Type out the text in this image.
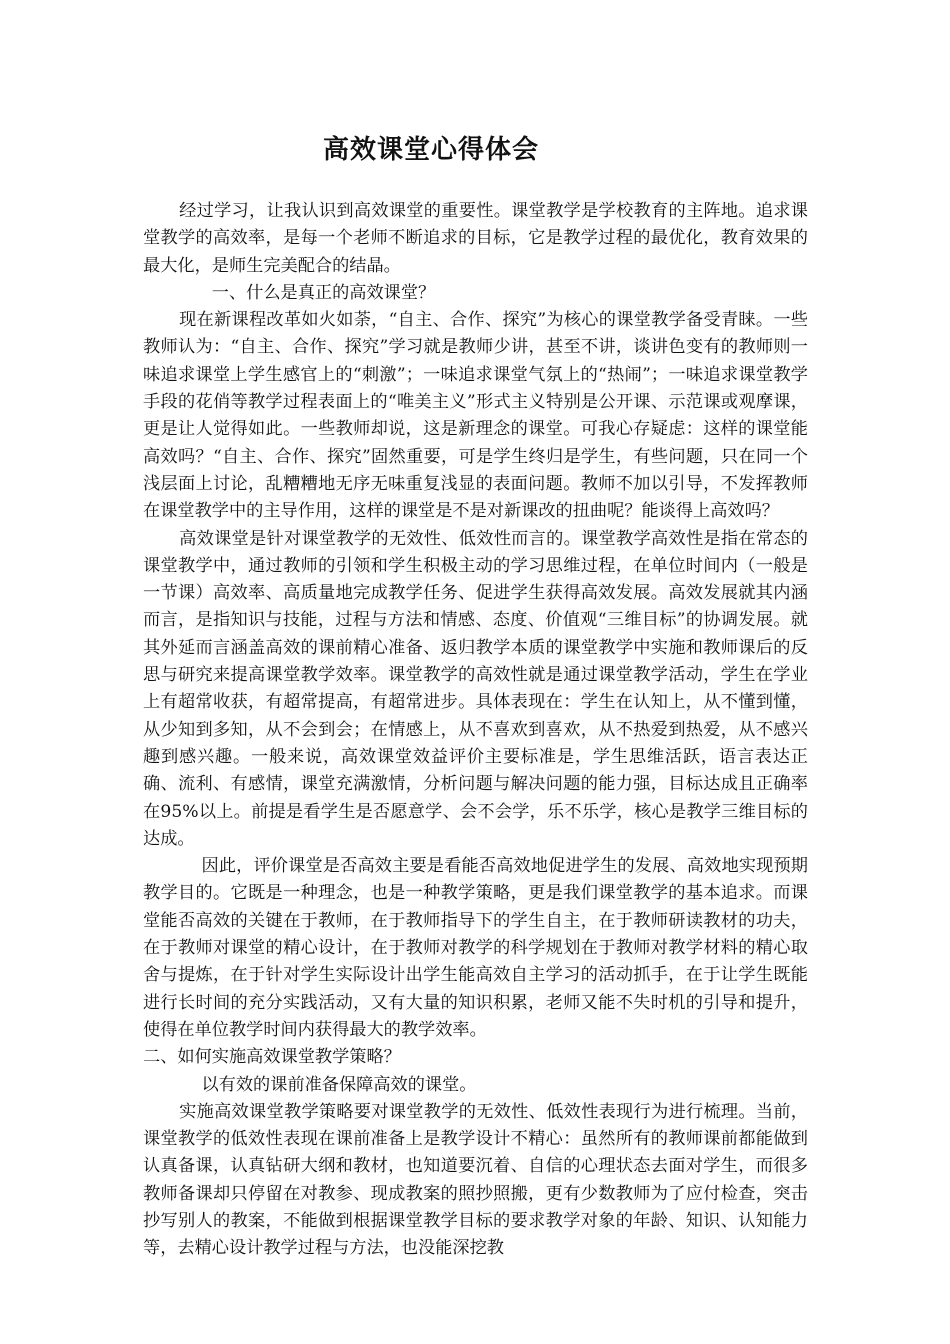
高效课堂心得体会

经过学习，让我认识到高效课堂的重要性。课堂教学是学校教育的主阵地。追求课堂教学的高效率，是每一个老师不断追求的目标，它是教学过程的最优化，教育效果的最大化，是师生完美配合的结晶。

一、什么是真正的高效课堂？

现在新课程改革如火如荼，“自主、合作、探究”为核心的课堂教学备受青睐。一些教师认为：“自主、合作、探究”学习就是教师少讲，甚至不讲，谈讲色变有的教师则一味追求课堂上学生感官上的“刺激”；一味追求课堂气氛上的“热闹”；一味追求课堂教学手段的花俏等教学过程表面上的“唯美主义”形式主义特别是公开课、示范课或观摩课，更是让人觉得如此。一些教师却说，这是新理念的课堂。可我心存疑虑：这样的课堂能高效吗？“自主、合作、探究”固然重要，可是学生终归是学生，有些问题，只在同一个浅层面上讨论，乱糟糟地无序无味重复浅显的表面问题。教师不加以引导，不发挥教师在课堂教学中的主导作用，这样的课堂是不是对新课改的扭曲呢？能谈得上高效吗？

高效课堂是针对课堂教学的无效性、低效性而言的。课堂教学高效性是指在常态的课堂教学中，通过教师的引领和学生积极主动的学习思维过程，在单位时间内（一般是一节课）高效率、高质量地完成教学任务、促进学生获得高效发展。高效发展就其内涵而言，是指知识与技能，过程与方法和情感、态度、价值观“三维目标”的协调发展。就其外延而言涵盖高效的课前精心准备、返归教学本质的课堂教学中实施和教师课后的反思与研究来提高课堂教学效率。课堂教学的高效性就是通过课堂教学活动，学生在学业上有超常收获，有超常提高，有超常进步。具体表现在：学生在认知上，从不懂到懂，从少知到多知，从不会到会；在情感上，从不喜欢到喜欢，从不热爱到热爱，从不感兴趣到感兴趣。一般来说，高效课堂效益评价主要标准是，学生思维活跃，语言表达正确、流利、有感情，课堂充满激情，分析问题与解决问题的能力强，目标达成且正确率在95%以上。前提是看学生是否愿意学、会不会学，乐不乐学，核心是教学三维目标的达成。

因此，评价课堂是否高效主要是看能否高效地促进学生的发展、高效地实现预期教学目的。它既是一种理念，也是一种教学策略，更是我们课堂教学的基本追求。而课堂能否高效的关键在于教师，在于教师指导下的学生自主，在于教师研读教材的功夫，在于教师对课堂的精心设计，在于教师对教学的科学规划在于教师对教学材料的精心取舍与提炼，在于针对学生实际设计出学生能高效自主学习的活动抓手，在于让学生既能进行长时间的充分实践活动，又有大量的知识积累，老师又能不失时机的引导和提升，使得在单位教学时间内获得最大的教学效率。

二、如何实施高效课堂教学策略？

以有效的课前准备保障高效的课堂。

实施高效课堂教学策略要对课堂教学的无效性、低效性表现行为进行梳理。当前，课堂教学的低效性表现在课前准备上是教学设计不精心：虽然所有的教师课前都能做到认真备课，认真钻研大纲和教材，也知道要沉着、自信的心理状态去面对学生，而很多教师备课却只停留在对教参、现成教案的照抄照搬，更有少数教师为了应付检查，突击抄写别人的教案，不能做到根据课堂教学目标的要求教学对象的年龄、知识、认知能力等，去精心设计教学过程与方法，也没能深挖教
